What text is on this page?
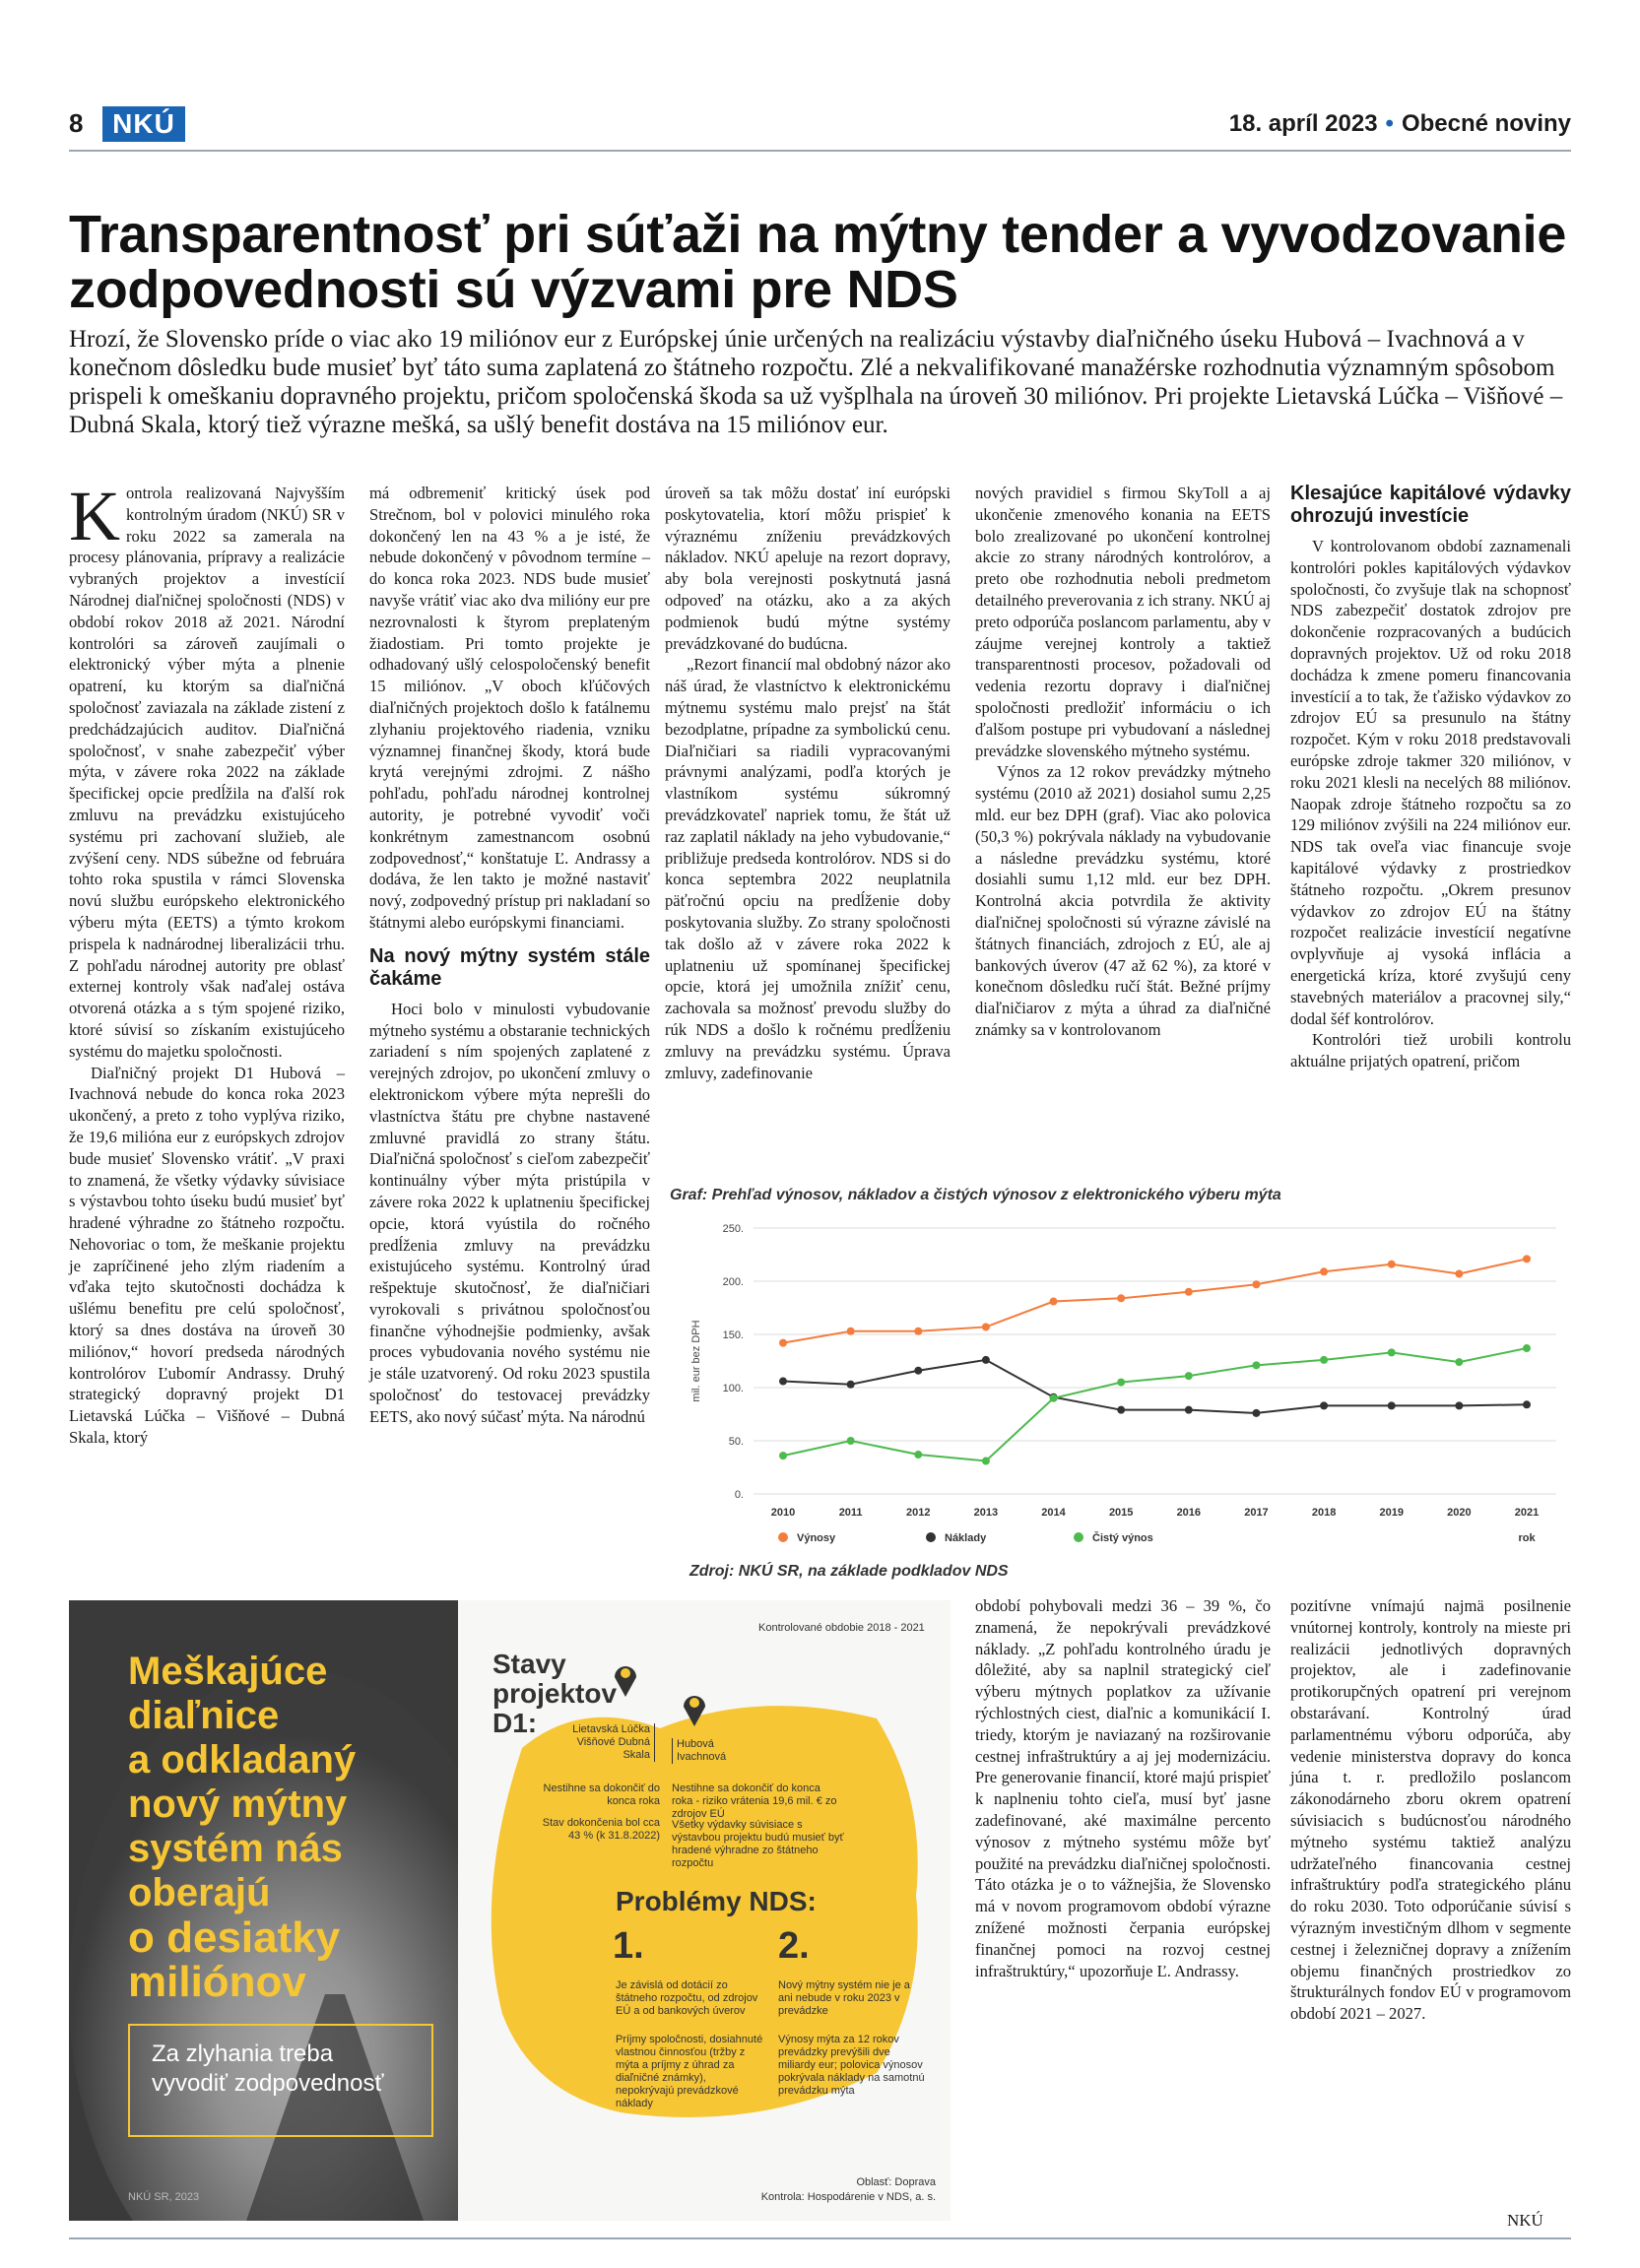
8	NKÚ	18. apríl 2023 • Obecné noviny
Transparentnosť pri súťaži na mýtny tender a vyvodzovanie zodpovednosti sú výzvami pre NDS
Hrozí, že Slovensko príde o viac ako 19 miliónov eur z Európskej únie určených na realizáciu výstavby diaľničného úseku Hubová – Ivachnová a v konečnom dôsledku bude musieť byť táto suma zaplatená zo štátneho rozpočtu. Zlé a nekvalifikované manažérske rozhodnutia významným spôsobom prispeli k omeškaniu dopravného projektu, pričom spoločenská škoda sa už vyšplhala na úroveň 30 miliónov. Pri projekte Lietavská Lúčka – Višňové – Dubná Skala, ktorý tiež výrazne mešká, sa ušlý benefit dostáva na 15 miliónov eur.

Kontrola realizovaná Najvyšším kontrolným úradom (NKÚ) SR v roku 2022 sa zamerala na procesy plánovania, prípravy a realizácie vybraných projektov a investícií Národnej diaľničnej spoločnosti (NDS) v období rokov 2018 až 2021. Národní kontrolóri sa zároveň zaujímali o elektronický výber mýta a plnenie opatrení, ku ktorým sa diaľničná spoločnosť zaviazala na základe zistení z predchádzajúcich auditov. Diaľničná spoločnosť, v snahe zabezpečiť výber mýta, v závere roka 2022 na základe špecifickej opcie predĺžila na ďalší rok zmluvu na prevádzku existujúceho systému pri zachovaní služieb, ale zvýšení ceny. NDS súbežne od februára tohto roka spustila v rámci Slovenska novú službu európskeho elektronického výberu mýta (EETS) a týmto krokom prispela k nadnárodnej liberalizácii trhu. Z pohľadu národnej autority pre oblasť externej kontroly však naďalej ostáva otvorená otázka a s tým spojené riziko, ktoré súvisí so získaním existujúceho systému do majetku spoločnosti.

Diaľničný projekt D1 Hubová – Ivachnová nebude do konca roka 2023 ukončený, a preto z toho vyplýva riziko, že 19,6 milióna eur z európskych zdrojov bude musieť Slovensko vrátiť. „V praxi to znamená, že všetky výdavky súvisiace s výstavbou tohto úseku budú musieť byť hradené výhradne zo štátneho rozpočtu. Nehovoriac o tom, že meškanie projektu je zapríčinené jeho zlým riadením a vďaka tejto skutočnosti dochádza k ušlému benefitu pre celú spoločnosť, ktorý sa dnes dostáva na úroveň 30 miliónov,“ hovorí predseda národných kontrolórov Ľubomír Andrassy. Druhý strategický dopravný projekt D1 Lietavská Lúčka – Višňové – Dubná Skala, ktorý

má odbremeniť kritický úsek pod Strečnom, bol v polovici minulého roka dokončený len na 43 % a je isté, že nebude dokončený v pôvodnom termíne – do konca roka 2023. NDS bude musieť navyše vrátiť viac ako dva milióny eur pre nezrovnalosti k štyrom preplateným žiadostiam. Pri tomto projekte je odhadovaný ušlý celospoločenský benefit 15 miliónov. „V oboch kľúčových diaľničných projektoch došlo k fatálnemu zlyhaniu projektového riadenia, vzniku významnej finančnej škody, ktorá bude krytá verejnými zdrojmi. Z nášho pohľadu, pohľadu národnej kontrolnej autority, je potrebné vyvodiť voči konkrétnym zamestnancom osobnú zodpovednosť,“ konštatuje Ľ. Andrassy a dodáva, že len takto je možné nastaviť nový, zodpovedný prístup pri nakladaní so štátnymi alebo európskymi financiami.

Na nový mýtny systém stále čakáme

Hoci bolo v minulosti vybudovanie mýtneho systému a obstaranie technických zariadení s ním spojených zaplatené z verejných zdrojov, po ukončení zmluvy o elektronickom výbere mýta neprešli do vlastníctva štátu pre chybne nastavené zmluvné pravidlá zo strany štátu. Diaľničná spoločnosť s cieľom zabezpečiť kontinuálny výber mýta pristúpila v závere roka 2022 k uplatneniu špecifickej opcie, ktorá vyústila do ročného predĺženia zmluvy na prevádzku existujúceho systému. Kontrolný úrad rešpektuje skutočnosť, že diaľničiari vyrokovali s privátnou spoločnosťou finančne výhodnejšie podmienky, avšak proces vybudovania nového systému nie je stále uzatvorený. Od roku 2023 spustila spoločnosť do testovacej prevádzky EETS, ako nový súčasť mýta. Na národnú

úroveň sa tak môžu dostať iní európski poskytovatelia, ktorí môžu prispieť k výraznému zníženiu prevádzkových nákladov. NKÚ apeluje na rezort dopravy, aby bola verejnosti poskytnutá jasná odpoveď na otázku, ako a za akých podmienok budú mýtne systémy prevádzkované do budúcna.

„Rezort financií mal obdobný názor ako náš úrad, že vlastníctvo k elektronickému mýtnemu systému malo prejsť na štát bezodplatne, prípadne za symbolickú cenu. Diaľničiari sa riadili vypracovanými právnymi analýzami, podľa ktorých je vlastníkom systému súkromný prevádzkovateľ napriek tomu, že štát už raz zaplatil náklady na jeho vybudovanie,“ približuje predseda kontrolórov. NDS si do konca septembra 2022 neuplatnila päťročnú opciu na predĺženie doby poskytovania služby. Zo strany spoločnosti tak došlo až v závere roka 2022 k uplatneniu už spomínanej špecifickej opcie, ktorá jej umožnila znížiť cenu, zachovala sa možnosť prevodu služby do rúk NDS a došlo k ročnému predĺženiu zmluvy na prevádzku systému. Úprava zmluvy, zadefinovanie

nových pravidiel s firmou SkyToll a aj ukončenie zmenového konania na EETS bolo zrealizované po ukončení kontrolnej akcie zo strany národných kontrolórov, a preto obe rozhodnutia neboli predmetom detailného preverovania z ich strany. NKÚ aj preto odporúča poslancom parlamentu, aby v záujme verejnej kontroly a taktiež transparentnosti procesov, požadovali od vedenia rezortu dopravy i diaľničnej spoločnosti predložiť informáciu o ich ďalšom postupe pri vybudovaní a následnej prevádzke slovenského mýtneho systému.

Výnos za 12 rokov prevádzky mýtneho systému (2010 až 2021) dosiahol sumu 2,25 mld. eur bez DPH (graf). Viac ako polovica (50,3 %) pokrývala náklady na vybudovanie a následne prevádzku systému, ktoré dosiahli sumu 1,12 mld. eur bez DPH. Kontrolná akcia potvrdila že aktivity diaľničnej spoločnosti sú výrazne závislé na štátnych financiách, zdrojoch z EÚ, ale aj bankových úverov (47 až 62 %), za ktoré v konečnom dôsledku ručí štát. Bežné príjmy diaľničiarov z mýta a úhrad za diaľničné známky sa v kontrolovanom

Klesajúce kapitálové výdavky ohrozujú investície

V kontrolovanom období zaznamenali kontrolóri pokles kapitálových výdavkov spoločnosti, čo zvyšuje tlak na schopnosť NDS zabezpečiť dostatok zdrojov pre dokončenie rozpracovaných a budúcich dopravných projektov. Už od roku 2018 dochádza k zmene pomeru financovania investícií a to tak, že ťažisko výdavkov zo zdrojov EÚ sa presunulo na štátny rozpočet. Kým v roku 2018 predstavovali európske zdroje takmer 320 miliónov, v roku 2021 klesli na necelých 88 miliónov. Naopak zdroje štátneho rozpočtu sa zo 129 miliónov zvýšili na 224 miliónov eur. NDS tak oveľa viac financuje svoje kapitálové výdavky z prostriedkov štátneho rozpočtu. „Okrem presunov výdavkov zo zdrojov EÚ na štátny rozpočet realizácie investícií negatívne ovplyvňuje aj vysoká inflácia a energetická kríza, ktoré zvyšujú ceny stavebných materiálov a pracovnej sily,“ dodal šéf kontrolórov.

Kontrolóri tiež urobili kontrolu aktuálne prijatých opatrení, pričom

Graf: Prehľad výnosov, nákladov a čistých výnosov z elektronického výberu mýta
0.
50.
100.
150.
200.
250.
mil. eur bez DPH
2010	2011	2012	2013	2014	2015	2016	2017	2018	2019	2020	2021
Výnosy	Náklady	Čistý výnos	rok
Zdroj: NKÚ SR, na základe podkladov NDS
Meškajúce
diaľnice
a odkladaný
nový mýtny
systém nás
oberajú
o desiatky
miliónov
Za zlyhania treba vyvodiť zodpovednosť
NKÚ SR, 2023
Kontrolované obdobie 2018 - 2021
Stavy projektov D1:	Lietavská Lúčka Višňové Dubná Skala
Hubová Ivachnová
Nestihne sa dokončiť do konca roka
Stav dokončenia bol cca 43 % (k 31.8.2022)
Nestihne sa dokončiť do konca roka - riziko vrátenia 19,6 mil. € zo zdrojov EÚ
Všetky výdavky súvisiace s výstavbou projektu budú musieť byť hradené výhradne zo štátneho rozpočtu
Problémy NDS:
1.	2.
Je závislá od dotácií zo štátneho rozpočtu, od zdrojov EÚ a od bankových úverov
Príjmy spoločnosti, dosiahnuté vlastnou činnosťou (tržby z mýta a príjmy z úhrad za diaľničné známky), nepokrývajú prevádzkové náklady
Nový mýtny systém nie je a ani nebude v roku 2023 v prevádzke
Výnosy mýta za 12 rokov prevádzky prevýšili dve miliardy eur; polovica výnosov pokrývala náklady na samotnú prevádzku mýta
Oblasť: Doprava
Kontrola: Hospodárenie v NDS, a. s.

období pohybovali medzi 36 – 39 %, čo znamená, že nepokrývali prevádzkové náklady. „Z pohľadu kontrolného úradu je dôležité, aby sa naplnil strategický cieľ výberu mýtnych poplatkov za užívanie rýchlostných ciest, diaľnic a komunikácií I. triedy, ktorým je naviazaný na rozširovanie cestnej infraštruktúry a aj jej modernizáciu. Pre generovanie financií, ktoré majú prispieť k naplneniu tohto cieľa, musí byť jasne zadefinované, aké maximálne percento výnosov z mýtneho systému môže byť použité na prevádzku diaľničnej spoločnosti. Táto otázka je o to vážnejšia, že Slovensko má v novom programovom období výrazne znížené možnosti čerpania európskej finančnej pomoci na rozvoj cestnej infraštruktúry,“ upozorňuje Ľ. Andrassy.

pozitívne vnímajú najmä posilnenie vnútornej kontroly, kontroly na mieste pri realizácii jednotlivých dopravných projektov, ale i zadefinovanie protikorupčných opatrení pri verejnom obstarávaní. Kontrolný úrad parlamentnému výboru odporúča, aby vedenie ministerstva dopravy do konca júna t. r. predložilo poslancom zákonodárneho zboru okrem opatrení súvisiacich s budúcnosťou národného mýtneho systému taktiež analýzu udržateľného financovania cestnej infraštruktúry podľa strategického plánu do roku 2030. Toto odporúčanie súvisí s výrazným investičným dlhom v segmente cestnej i železničnej dopravy a znížením objemu finančných prostriedkov zo štrukturálnych fondov EÚ v programovom období 2021 – 2027.

NKÚ
